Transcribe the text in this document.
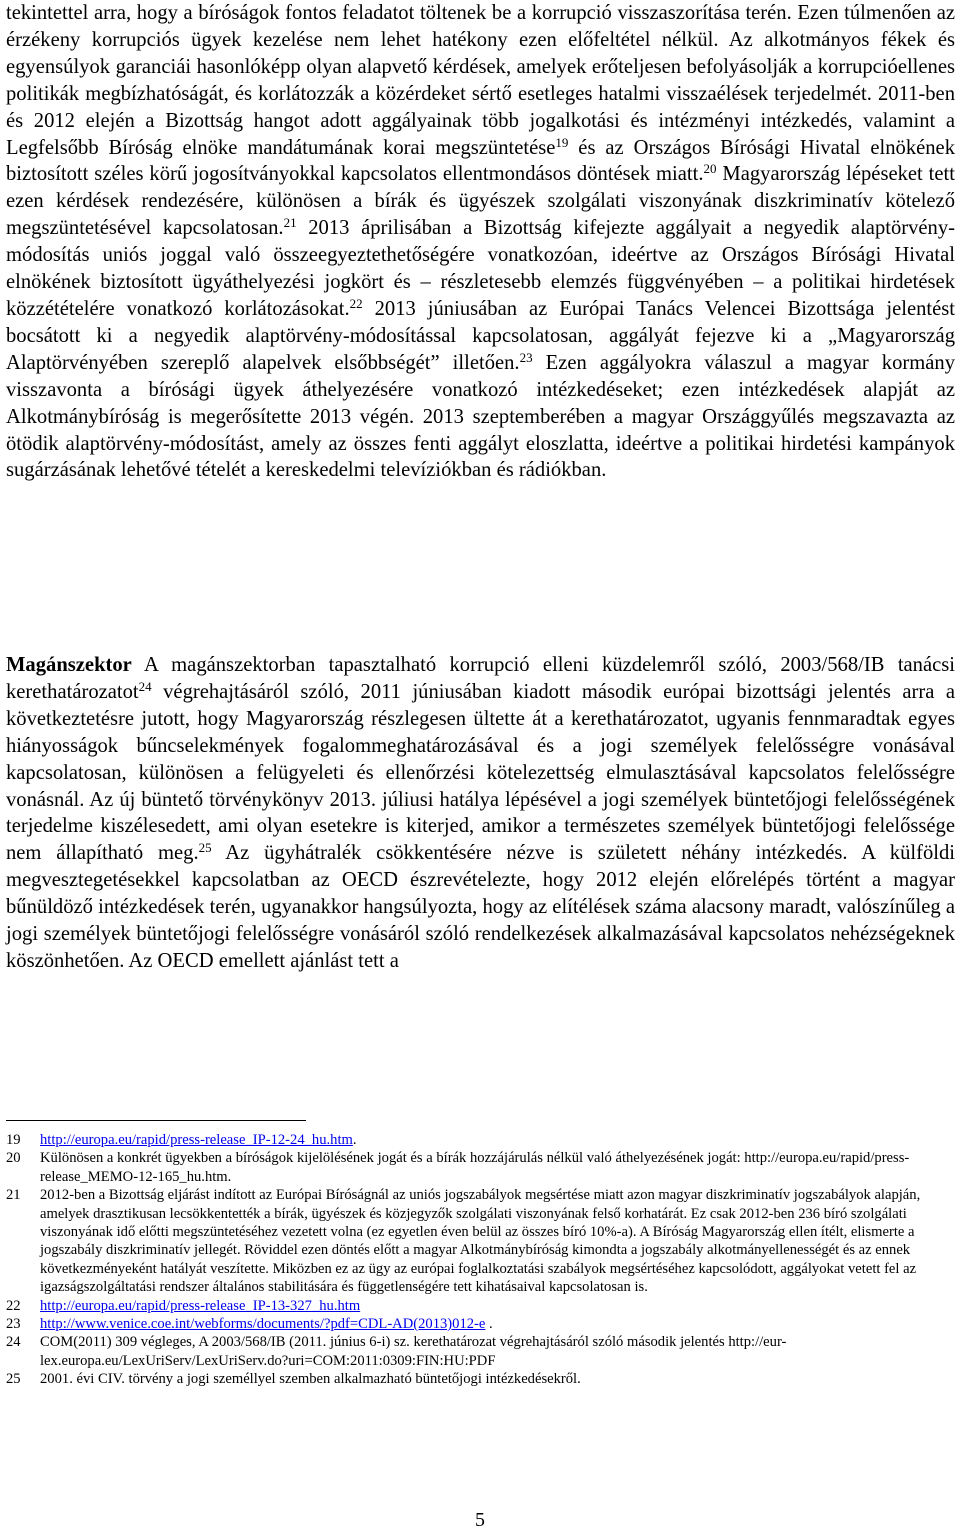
tekintettel arra, hogy a bíróságok fontos feladatot töltenek be a korrupció visszaszorítása terén. Ezen túlmenően az érzékeny korrupciós ügyek kezelése nem lehet hatékony ezen előfeltétel nélkül. Az alkotmányos fékek és egyensúlyok garanciái hasonlóképp olyan alapvető kérdések, amelyek erőteljesen befolyásolják a korrupcióellenes politikák megbízhatóságát, és korlátozzák a közérdeket sértő esetleges hatalmi visszaélések terjedelmét. 2011-ben és 2012 elején a Bizottság hangot adott aggályainak több jogalkotási és intézményi intézkedés, valamint a Legfelsőbb Bíróság elnöke mandátumának korai megszüntetése$^{19}$ és az Országos Bírósági Hivatal elnökének biztosított széles körű jogosítványokkal kapcsolatos ellentmondásos döntések miatt.$^{20}$ Magyarország lépéseket tett ezen kérdések rendezésére, különösen a bírák és ügyészek szolgálati viszonyának diszkriminatív kötelező megszüntetésével kapcsolatosan.$^{21}$ 2013 áprilisában a Bizottság kifejezte aggályait a negyedik alaptörvény-módosítás uniós joggal való összeegyeztethetőségére vonatkozóan, ideértve az Országos Bírósági Hivatal elnökének biztosított ügyáthelyezési jogkört és – részletesebb elemzés függvényében – a politikai hirdetések közzétételére vonatkozó korlátozásokat.$^{22}$ 2013 júniusában az Európai Tanács Velencei Bizottsága jelentést bocsátott ki a negyedik alaptörvény-módosítással kapcsolatosan, aggályát fejezve ki a „Magyarország Alaptörvényében szereplő alapelvek elsőbbségét” illetően.$^{23}$ Ezen aggályokra válaszul a magyar kormány visszavonta a bírósági ügyek áthelyezésére vonatkozó intézkedéseket; ezen intézkedések alapját az Alkotmánybíróság is megerősítette 2013 végén. 2013 szeptemberében a magyar Országgyűlés megszavazta az ötödik alaptörvény-módosítást, amely az összes fenti aggályt eloszlatta, ideértve a politikai hirdetési kampányok sugárzásának lehetővé tételét a kereskedelmi televíziókban és rádiókban.
Magánszektor A magánszektorban tapasztalható korrupció elleni küzdelemről szóló, 2003/568/IB tanácsi kerethatározatot$^{24}$ végrehajtásáról szóló, 2011 júniusában kiadott második európai bizottsági jelentés arra a következtetésre jutott, hogy Magyarország részlegesen ültette át a kerethatározatot, ugyanis fennmaradtak egyes hiányosságok bűncselekmények fogalommeghatározásával és a jogi személyek felelősségre vonásával kapcsolatosan, különösen a felügyeleti és ellenőrzési kötelezettség elmulasztásával kapcsolatos felelősségre vonásnál. Az új büntető törvénykönyv 2013. júliusi hatálya lépésével a jogi személyek büntetőjogi felelősségének terjedelme kiszélesedett, ami olyan esetekre is kiterjed, amikor a természetes személyek büntetőjogi felelőssége nem állapítható meg.$^{25}$ Az ügyhátralék csökkentésére nézve is született néhány intézkedés. A külföldi megvesztegetésekkel kapcsolatban az OECD észrevételezte, hogy 2012 elején előrelépés történt a magyar bűnüldöző intézkedések terén, ugyanakkor hangsúlyozta, hogy az elítélések száma alacsony maradt, valószínűleg a jogi személyek büntetőjogi felelősségre vonásáról szóló rendelkezések alkalmazásával kapcsolatos nehézségeknek köszönhetően. Az OECD emellett ajánlást tett a
19	http://europa.eu/rapid/press-release_IP-12-24_hu.htm.
20	Különösen a konkrét ügyekben a bíróságok kijelölésének jogát és a bírák hozzájárulás nélkül való áthelyezésének jogát: http://europa.eu/rapid/press-release_MEMO-12-165_hu.htm.
21	2012-ben a Bizottság eljárást indított az Európai Bíróságnál az uniós jogszabályok megsértése miatt azon magyar diszkriminatív jogszabályok alapján, amelyek drasztikusan lecsökkentették a bírák, ügyészek és közjegyzők szolgálati viszonyának felső korhatárát. Ez csak 2012-ben 236 bíró szolgálati viszonyának idő előtti megszüntetéséhez vezetett volna (ez egyetlen éven belül az összes bíró 10%-a). A Bíróság Magyarország ellen ítélt, elismerte a jogszabály diszkriminatív jellegét. Röviddel ezen döntés előtt a magyar Alkotmánybíróság kimondta a jogszabály alkotmányellenességét és az ennek következményeként hatályát veszítette. Miközben ez az ügy az európai foglalkoztatási szabályok megsértéséhez kapcsolódott, aggályokat vetett fel az igazságszolgáltatási rendszer általános stabilitására és függetlenségére tett kihatásaival kapcsolatosan is.
22	http://europa.eu/rapid/press-release_IP-13-327_hu.htm
23	http://www.venice.coe.int/webforms/documents/?pdf=CDL-AD(2013)012-e .
24	COM(2011) 309 végleges, A 2003/568/IB (2011. június 6-i) sz. kerethatározat végrehajtásáról szóló második jelentés http://eur-lex.europa.eu/LexUriServ/LexUriServ.do?uri=COM:2011:0309:FIN:HU:PDF
25	2001. évi CIV. törvény a jogi személlyel szemben alkalmazható büntetőjogi intézkedésekről.
5
